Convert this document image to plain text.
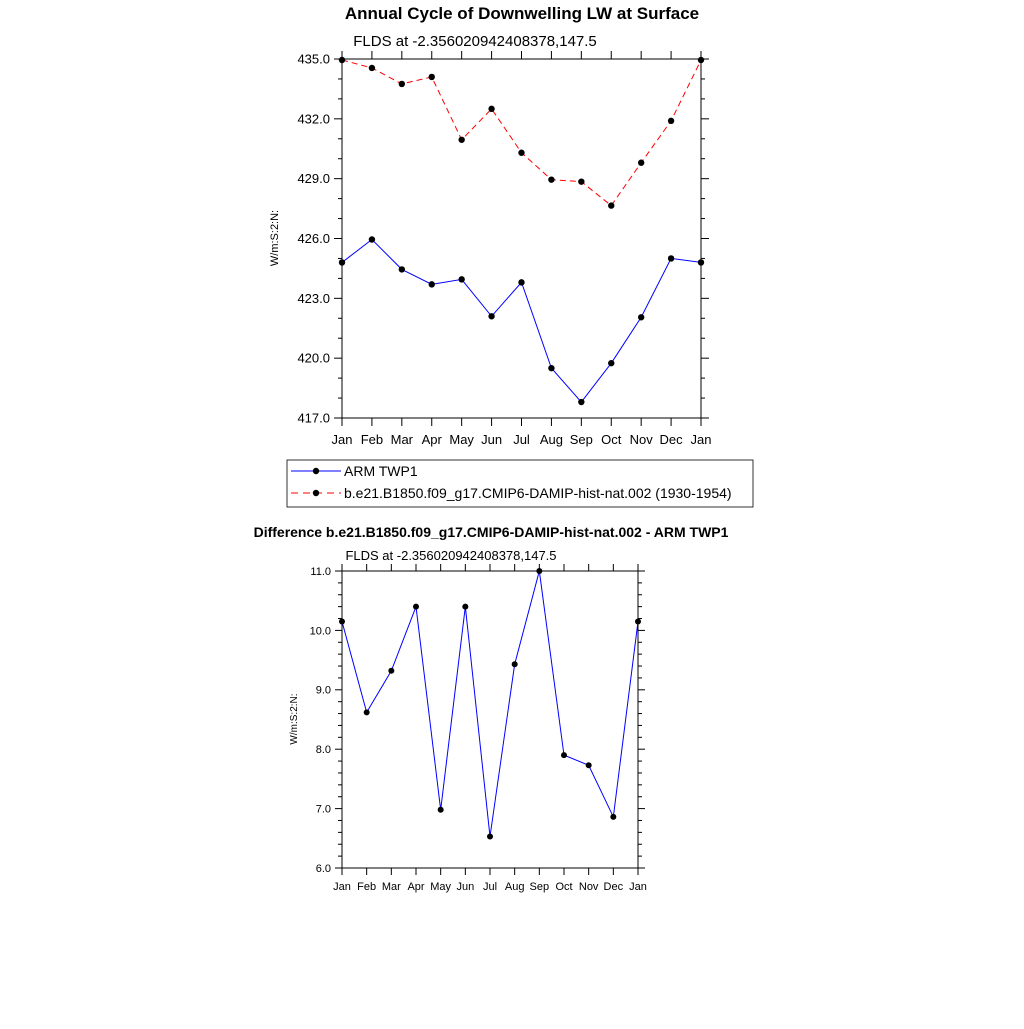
Annual Cycle of Downwelling LW at Surface
FLDS at -2.356020942408378,147.5
W/m:S:2:N:
Jan Feb Mar Apr May Jun Jul Aug Sep Oct Nov Dec Jan
417.0
420.0
423.0
426.0
429.0
432.0
435.0
ARM TWP1
b.e21.B1850.f09_g17.CMIP6-DAMIP-hist-nat.002 (1930-1954)
Difference b.e21.B1850.f09_g17.CMIP6-DAMIP-hist-nat.002 - ARM TWP1
FLDS at -2.356020942408378,147.5
W/m:S:2:N:
Jan Feb Mar Apr May Jun Jul Aug Sep Oct Nov Dec Jan
6.0
7.0
8.0
9.0
10.0
11.0
